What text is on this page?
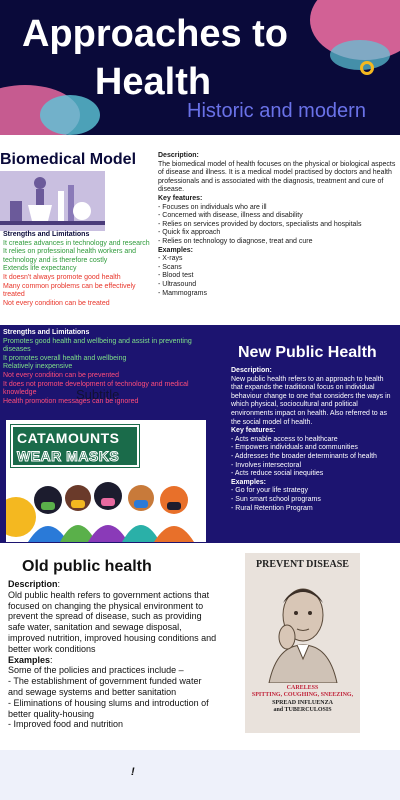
Approaches to
Health
Historic and modern
Biomedical Model
Strengths and Limitations
It creates advances in technology and research
It relies on professional health workers and technology and is therefore costly
Extends life expectancy
It doesn't always promote good health
Many common problems can be effectively treated
Not every condition can be treated
Description:
The biomedical model of health focuses on the physical or biological aspects of disease and illness. It is a medical model practised by doctors and health professionals and is associated with the diagnosis, treatment and cure of disease.
Key features:
- Focuses on individuals who are ill
- Concerned with disease, illness and disability
- Relies on services provided by doctors, specialists and hospitals
- Quick fix approach
- Relies on technology to diagnose, treat and cure
Examples:
- X-rays
- Scans
- Blood test
- Ultrasound
- Mammograms
Strengths and Limitations
Promotes good health and wellbeing and assist in preventing diseases
It promotes overall health and wellbeing
Relatively inexpensive
Not every condition can be prevented
It does not promote development of technology and medical knowledge
Health promotion messages can be ignored
Subtitle
New Public Health
Description:
New public health refers to an approach to health that expands the traditional focus on individual behaviour change to one that considers the ways in which physical, sociocultural and political environments impact on health. Also referred to as the social model of health.
Key features:
- Acts enable access to healthcare
- Empowers individuals and communities
- Addresses the broader determinants of health
- Involves intersectoral
- Acts reduce social inequities
Examples:
- Go for your life strategy
- Sun smart school programs
- Rural Retention Program
CATAMOUNTS
WEAR MASKS
Old public health
Description:
Old public health refers to government actions that focused on changing the physical environment to prevent the spread of disease, such as providing safe water, sanitation and sewage disposal, improved nutrition, improved housing conditions and better work conditions
Examples:
Some of the policies and practices include –
- The establishment of government funded water and sewage systems and better sanitation
- Eliminations of housing slums and introduction of better quality-housing
- Improved food and nutrition
PREVENT DISEASE
CARELESS
SPITTING, COUGHING, SNEEZING,
SPREAD INFLUENZA
and TUBERCULOSIS
!
